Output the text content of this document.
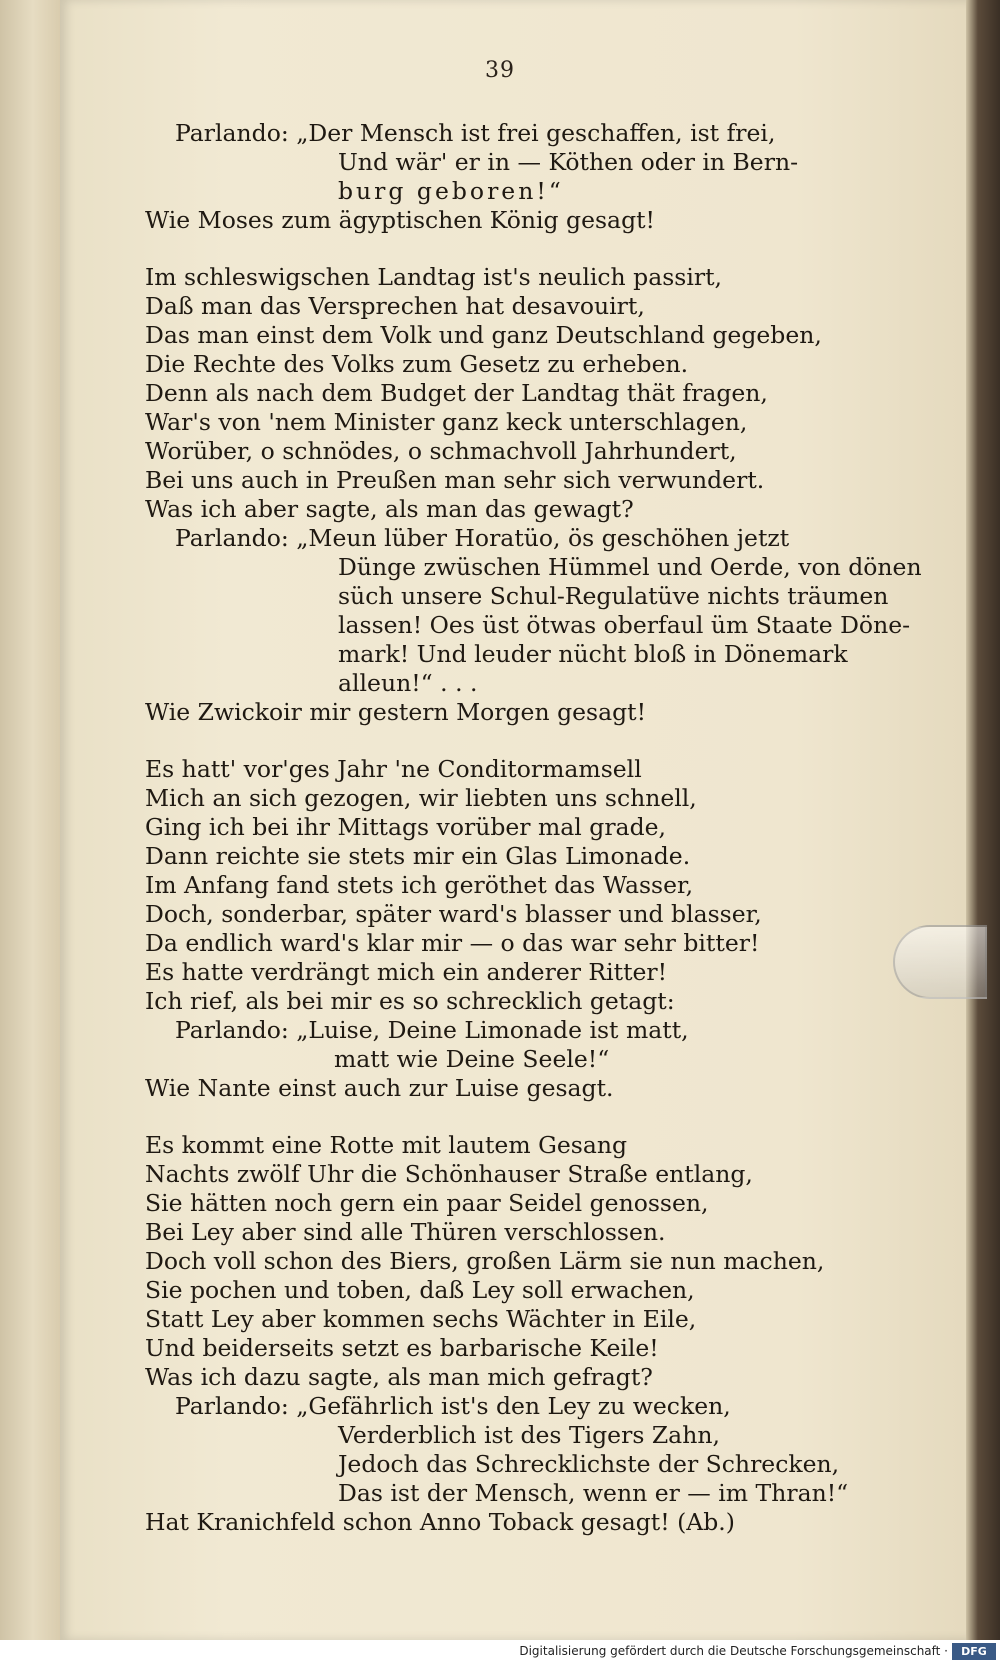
39
Parlando: „Der Mensch ist frei geschaffen, ist frei,
Und wär' er in — Köthen oder in Bern-
burg geboren!“
Wie Moses zum ägyptischen König gesagt!
Im schleswigschen Landtag ist's neulich passirt,
Daß man das Versprechen hat desavouirt,
Das man einst dem Volk und ganz Deutschland gegeben,
Die Rechte des Volks zum Gesetz zu erheben.
Denn als nach dem Budget der Landtag thät fragen,
War's von 'nem Minister ganz keck unterschlagen,
Worüber, o schnödes, o schmachvoll Jahrhundert,
Bei uns auch in Preußen man sehr sich verwundert.
Was ich aber sagte, als man das gewagt?
Parlando: „Meun lüber Horatüo, ös geschöhen jetzt
Dünge zwüschen Hümmel und Oerde, von dönen
süch unsere Schul-Regulatüve nichts träumen
lassen! Oes üst ötwas oberfaul üm Staate Döne-
mark! Und leuder nücht bloß in Dönemark
alleun!“ . . .
Wie Zwickoir mir gestern Morgen gesagt!
Es hatt' vor'ges Jahr 'ne Conditormamsell
Mich an sich gezogen, wir liebten uns schnell,
Ging ich bei ihr Mittags vorüber mal grade,
Dann reichte sie stets mir ein Glas Limonade.
Im Anfang fand stets ich geröthet das Wasser,
Doch, sonderbar, später ward's blasser und blasser,
Da endlich ward's klar mir — o das war sehr bitter!
Es hatte verdrängt mich ein anderer Ritter!
Ich rief, als bei mir es so schrecklich getagt:
Parlando: „Luise, Deine Limonade ist matt,
matt wie Deine Seele!“
Wie Nante einst auch zur Luise gesagt.
Es kommt eine Rotte mit lautem Gesang
Nachts zwölf Uhr die Schönhauser Straße entlang,
Sie hätten noch gern ein paar Seidel genossen,
Bei Ley aber sind alle Thüren verschlossen.
Doch voll schon des Biers, großen Lärm sie nun machen,
Sie pochen und toben, daß Ley soll erwachen,
Statt Ley aber kommen sechs Wächter in Eile,
Und beiderseits setzt es barbarische Keile!
Was ich dazu sagte, als man mich gefragt?
Parlando: „Gefährlich ist's den Ley zu wecken,
Verderblich ist des Tigers Zahn,
Jedoch das Schrecklichste der Schrecken,
Das ist der Mensch, wenn er — im Thran!“
Hat Kranichfeld schon Anno Toback gesagt! (Ab.)
Digitalisierung gefördert durch die Deutsche Forschungsgemeinschaft ·	DFG
